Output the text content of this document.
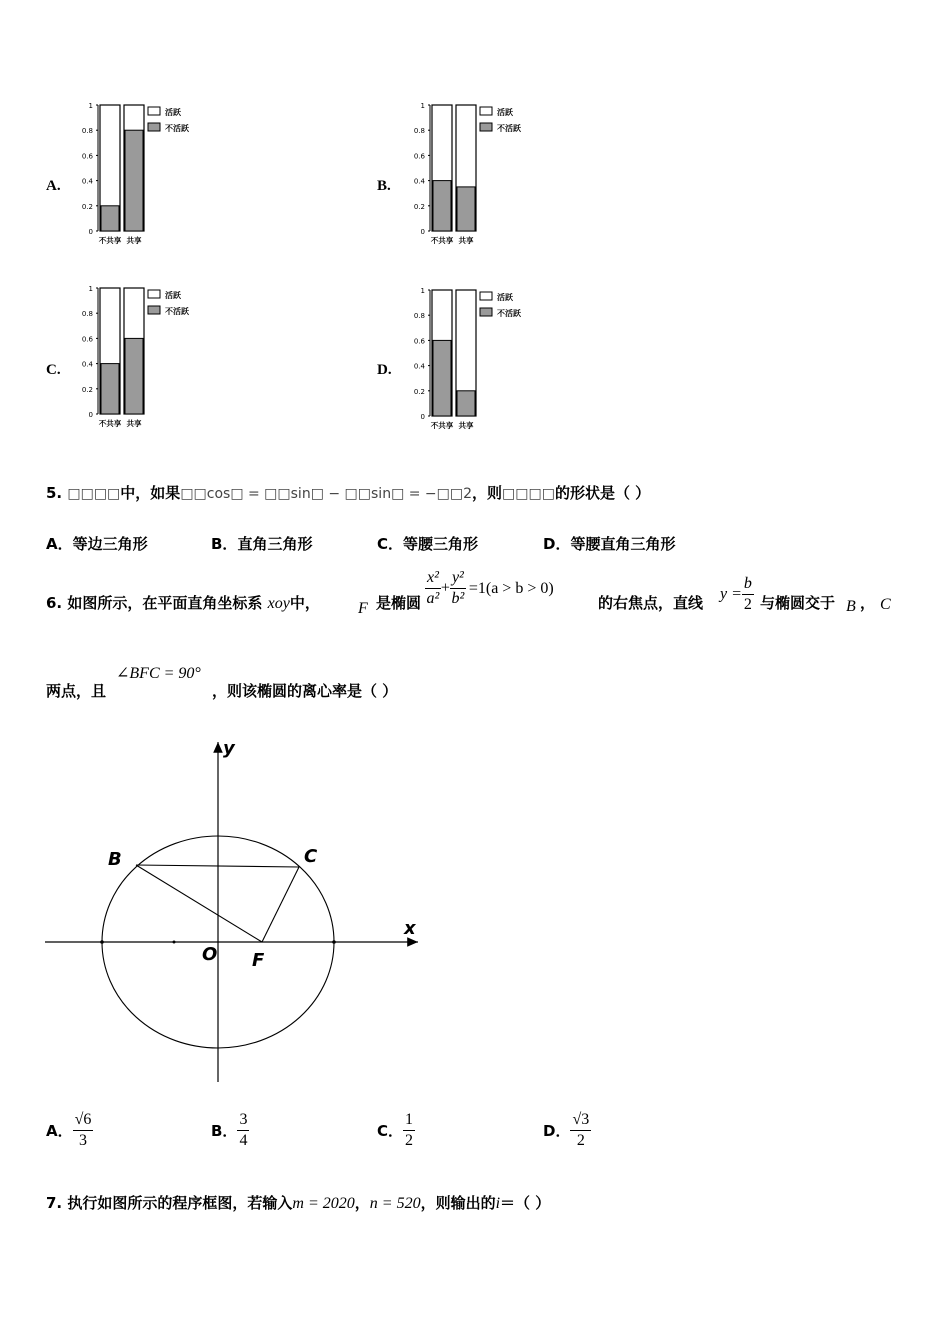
A.	B.
C.	D.
0
0.2
0.4
0.6
0.8
1
不共享 共享
活跃
不活跃
0
0.2
0.4
0.6
0.8
1
不共享 共享
活跃
不活跃
0
0.2
0.4
0.6
0.8
1
不共享 共享
活跃
不活跃
0
0.2
0.4
0.6
0.8
1
不共享 共享
活跃
不活跃
5. □□□□中，如果□□cos□ = □□sin□ − □□sin□ = −□□2，则□□□□的形状是（ ）
A．等边三角形	B．直角三角形	C．等腰三角形	D．等腰直角三角形
6. 如图所示，在平面直角坐标系 xoy中， F 是椭圆 $\frac{\text{x²}}{\text{a²}} + \frac{\text{y²}}{\text{b²}} =1(a > b > 0)$
的右焦点，直线 $y = \frac{b}{2}$ 与椭圆交于 B ， C
两点，且
∠BFC = 90°
，则该椭圆的离心率是（ ）
y
x
B	C
O F
A． $\frac{√6}{3}$	B． $\frac{3}{4}$	C． $\frac{1}{2}$	D． $\frac{√3}{2}$
7. 执行如图所示的程序框图，若输入m = 2020，n = 520，则输出的i＝（ ）
